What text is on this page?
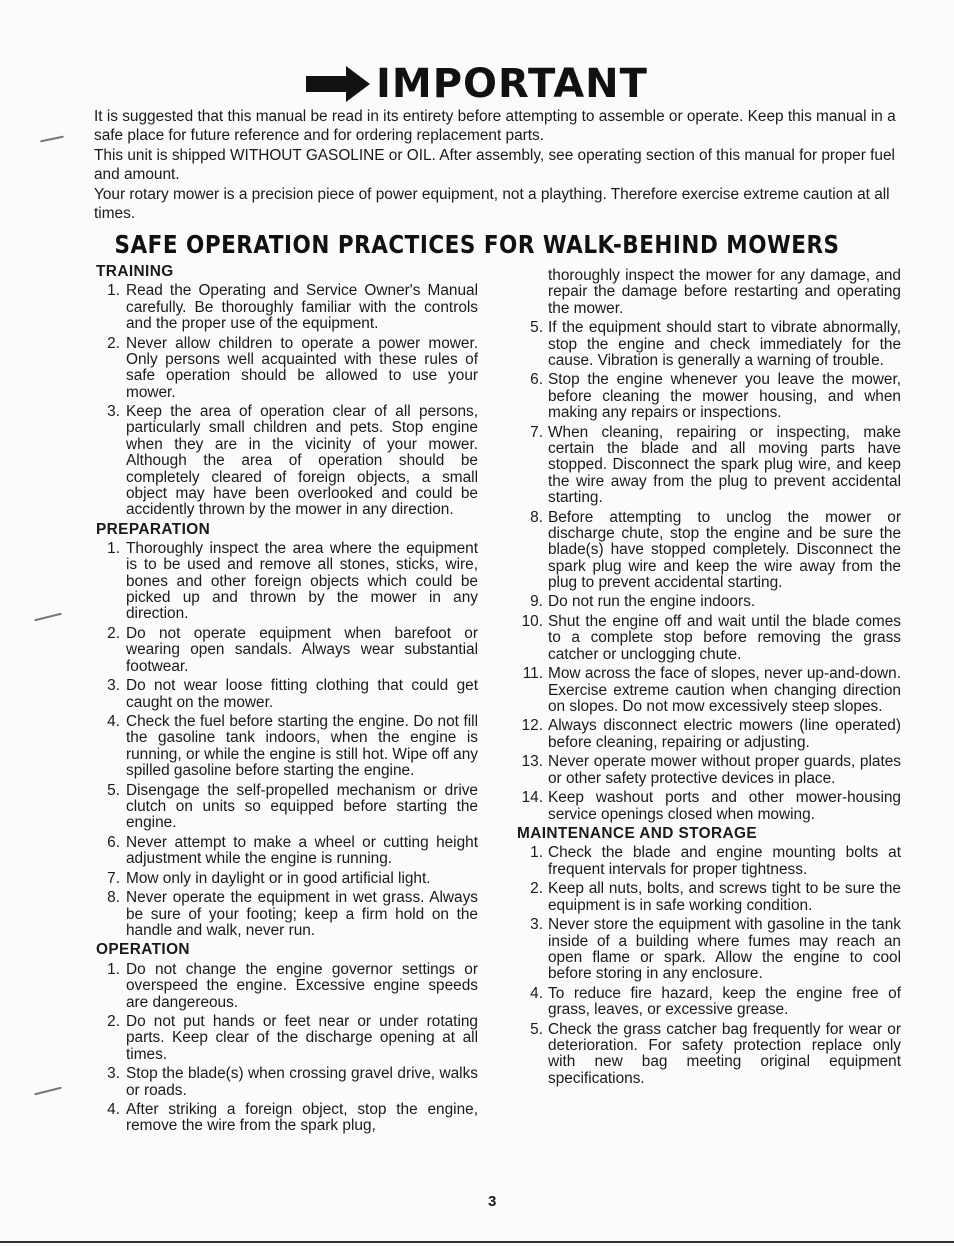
IMPORTANT

It is suggested that this manual be read in its entirety before attempting to assemble or operate. Keep this manual in a safe place for future reference and for ordering replacement parts.

This unit is shipped WITHOUT GASOLINE or OIL. After assembly, see operating section of this manual for proper fuel and amount.

Your rotary mower is a precision piece of power equipment, not a plaything. Therefore exercise extreme caution at all times.

SAFE OPERATION PRACTICES FOR WALK-BEHIND MOWERS
TRAINING
1. Read the Operating and Service Owner's Manual carefully. Be thoroughly familiar with the controls and the proper use of the equipment.
2. Never allow children to operate a power mower. Only persons well acquainted with these rules of safe operation should be allowed to use your mower.
3. Keep the area of operation clear of all persons, particularly small children and pets. Stop engine when they are in the vicinity of your mower. Although the area of operation should be completely cleared of foreign objects, a small object may have been overlooked and could be accidently thrown by the mower in any direction.
PREPARATION
1. Thoroughly inspect the area where the equipment is to be used and remove all stones, sticks, wire, bones and other foreign objects which could be picked up and thrown by the mower in any direction.
2. Do not operate equipment when barefoot or wearing open sandals. Always wear substantial footwear.
3. Do not wear loose fitting clothing that could get caught on the mower.
4. Check the fuel before starting the engine. Do not fill the gasoline tank indoors, when the engine is running, or while the engine is still hot. Wipe off any spilled gasoline before starting the engine.
5. Disengage the self-propelled mechanism or drive clutch on units so equipped before starting the engine.
6. Never attempt to make a wheel or cutting height adjustment while the engine is running.
7. Mow only in daylight or in good artificial light.
8. Never operate the equipment in wet grass. Always be sure of your footing; keep a firm hold on the handle and walk, never run.
OPERATION
1. Do not change the engine governor settings or overspeed the engine. Excessive engine speeds are dangereous.
2. Do not put hands or feet near or under rotating parts. Keep clear of the discharge opening at all times.
3. Stop the blade(s) when crossing gravel drive, walks or roads.
4. After striking a foreign object, stop the engine, remove the wire from the spark plug,
thoroughly inspect the mower for any damage, and repair the damage before restarting and operating the mower.
5. If the equipment should start to vibrate abnormally, stop the engine and check immediately for the cause. Vibration is generally a warning of trouble.
6. Stop the engine whenever you leave the mower, before cleaning the mower housing, and when making any repairs or inspections.
7. When cleaning, repairing or inspecting, make certain the blade and all moving parts have stopped. Disconnect the spark plug wire, and keep the wire away from the plug to prevent accidental starting.
8. Before attempting to unclog the mower or discharge chute, stop the engine and be sure the blade(s) have stopped completely. Disconnect the spark plug wire and keep the wire away from the plug to prevent accidental starting.
9. Do not run the engine indoors.
10. Shut the engine off and wait until the blade comes to a complete stop before removing the grass catcher or unclogging chute.
11. Mow across the face of slopes, never up-and-down. Exercise extreme caution when changing direction on slopes. Do not mow excessively steep slopes.
12. Always disconnect electric mowers (line operated) before cleaning, repairing or adjusting.
13. Never operate mower without proper guards, plates or other safety protective devices in place.
14. Keep washout ports and other mower-housing service openings closed when mowing.
MAINTENANCE AND STORAGE
1. Check the blade and engine mounting bolts at frequent intervals for proper tightness.
2. Keep all nuts, bolts, and screws tight to be sure the equipment is in safe working condition.
3. Never store the equipment with gasoline in the tank inside of a building where fumes may reach an open flame or spark. Allow the engine to cool before storing in any enclosure.
4. To reduce fire hazard, keep the engine free of grass, leaves, or excessive grease.
5. Check the grass catcher bag frequently for wear or deterioration. For safety protection replace only with new bag meeting original equipment specifications.
3
